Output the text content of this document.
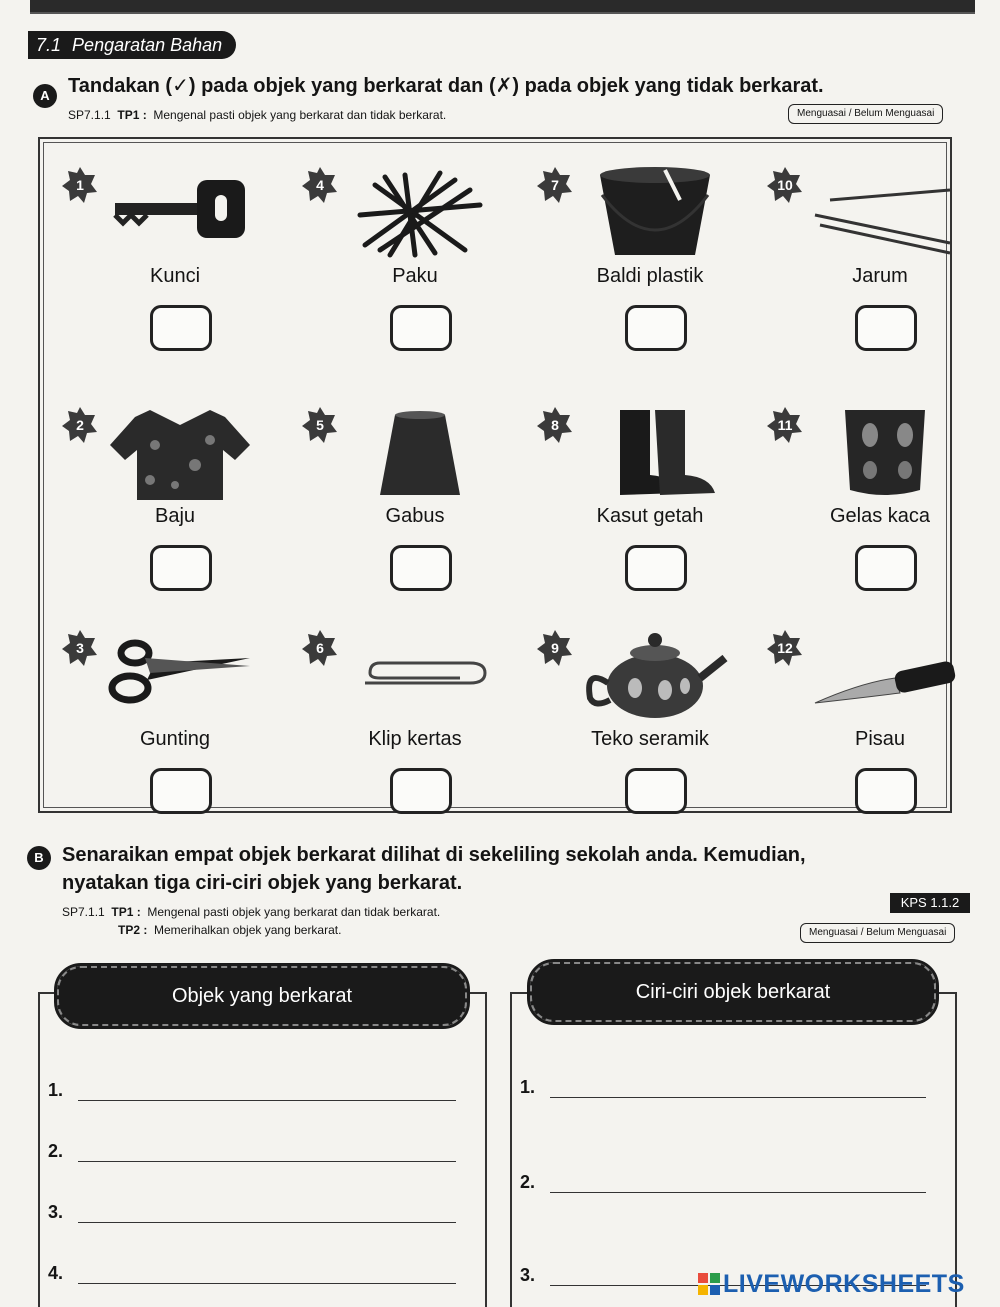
7.1 Pengaratan Bahan
A Tandakan (✓) pada objek yang berkarat dan (✗) pada objek yang tidak berkarat.
SP7.1.1 TP1 : Mengenal pasti objek yang berkarat dan tidak berkarat.	Menguasai / Belum Menguasai
1
Kunci
4
Paku
7
Baldi plastik
10
Jarum
2
Baju
5
Gabus
8
Kasut getah
11
Gelas kaca
3
Gunting
6
Klip kertas
9
Teko seramik
12
Pisau
B Senaraikan empat objek berkarat dilihat di sekeliling sekolah anda. Kemudian,
nyatakan tiga ciri-ciri objek yang berkarat.
SP7.1.1 TP1 : Mengenal pasti objek yang berkarat dan tidak berkarat.
TP2 : Memerihalkan objek yang berkarat.
KPS 1.1.2
Menguasai / Belum Menguasai
Objek yang berkarat	Ciri-ciri objek berkarat
1.
2.
3.
4.
1.
2.
3.	LIVEWORKSHEETS
